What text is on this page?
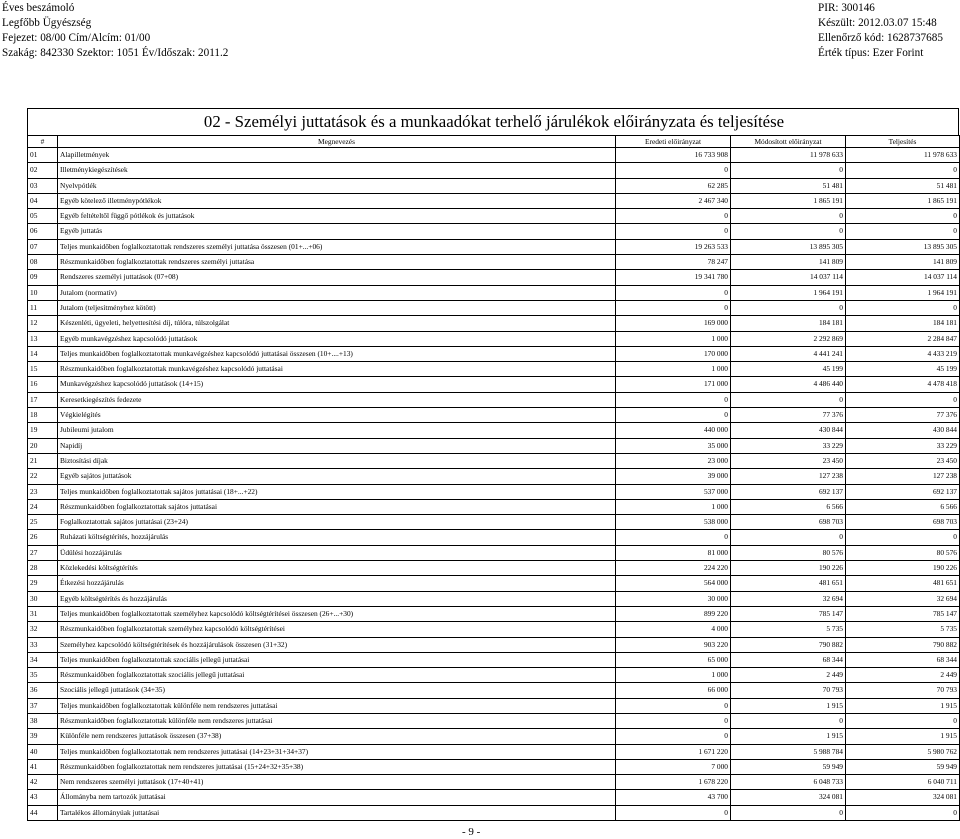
Éves beszámoló
Legfőbb Ügyészség
Fejezet: 08/00 Cím/Alcím: 01/00
Szakág: 842330 Szektor: 1051 Év/Időszak: 2011.2
PIR: 300146
Készült: 2012.03.07 15:48
Ellenőrző kód: 1628737685
Érték típus: Ezer Forint
02 - Személyi juttatások és a munkaadókat terhelő járulékok előirányzata és teljesítése
#	Megnevezés	Eredeti előirányzat	Módosított előirányzat	Teljesítés
01	Alapilletmények	16 733 908	11 978 633	11 978 633
02	Illetménykiegészítések	0	0	0
03	Nyelvpótlék	62 285	51 481	51 481
04	Egyéb kötelező illetménypótlékok	2 467 340	1 865 191	1 865 191
05	Egyéb feltételtől függő pótlékok és juttatások	0	0	0
06	Egyéb juttatás	0	0	0
07	Teljes munkaidőben foglalkoztatottak rendszeres személyi juttatása összesen (01+...+06)	19 263 533	13 895 305	13 895 305
08	Részmunkaidőben foglalkoztatottak rendszeres személyi juttatása	78 247	141 809	141 809
09	Rendszeres személyi juttatások (07+08)	19 341 780	14 037 114	14 037 114
10	Jutalom (normatív)	0	1 964 191	1 964 191
11	Jutalom (teljesítményhez kötött)	0	0	0
12	Készenléti, ügyeleti, helyettesítési díj, túlóra, túlszolgálat	169 000	184 181	184 181
13	Egyéb munkavégzéshez kapcsolódó juttatások	1 000	2 292 869	2 284 847
14	Teljes munkaidőben foglalkoztatottak munkavégzéshez kapcsolódó juttatásai összesen (10+....+13)	170 000	4 441 241	4 433 219
15	Részmunkaidőben foglalkoztatottak munkavégzéshez kapcsolódó juttatásai	1 000	45 199	45 199
16	Munkavégzéshez kapcsolódó juttatások (14+15)	171 000	4 486 440	4 478 418
17	Keresetkiegészítés fedezete	0	0	0
18	Végkielégítés	0	77 376	77 376
19	Jubileumi jutalom	440 000	430 844	430 844
20	Napidíj	35 000	33 229	33 229
21	Biztosítási díjak	23 000	23 450	23 450
22	Egyéb sajátos juttatások	39 000	127 238	127 238
23	Teljes munkaidőben foglalkoztatottak sajátos juttatásai (18+...+22)	537 000	692 137	692 137
24	Részmunkaidőben foglalkoztatottak sajátos juttatásai	1 000	6 566	6 566
25	Foglalkoztatottak sajátos juttatásai (23+24)	538 000	698 703	698 703
26	Ruházati költségtérítés, hozzájárulás	0	0	0
27	Üdülési hozzájárulás	81 000	80 576	80 576
28	Közlekedési költségtérítés	224 220	190 226	190 226
29	Étkezési hozzájárulás	564 000	481 651	481 651
30	Egyéb költségtérítés és hozzájárulás	30 000	32 694	32 694
31	Teljes munkaidőben foglalkoztatottak személyhez kapcsolódó költségtérítései összesen (26+...+30)	899 220	785 147	785 147
32	Részmunkaidőben foglalkoztatottak személyhez kapcsolódó költségtérítései	4 000	5 735	5 735
33	Személyhez kapcsolódó költségtérítések és hozzájárulások összesen (31+32)	903 220	790 882	790 882
34	Teljes munkaidőben foglalkoztatottak szociális jellegű juttatásai	65 000	68 344	68 344
35	Részmunkaidőben foglalkoztatottak szociális jellegű juttatásai	1 000	2 449	2 449
36	Szociális jellegű juttatások (34+35)	66 000	70 793	70 793
37	Teljes munkaidőben foglalkoztatottak különféle nem rendszeres juttatásai	0	1 915	1 915
38	Részmunkaidőben foglalkoztatottak különféle nem rendszeres juttatásai	0	0	0
39	Különféle nem rendszeres juttatások összesen (37+38)	0	1 915	1 915
40	Teljes munkaidőben foglalkoztatottak nem rendszeres juttatásai (14+23+31+34+37)	1 671 220	5 988 784	5 980 762
41	Részmunkaidőben foglalkoztatottak nem rendszeres juttatásai (15+24+32+35+38)	7 000	59 949	59 949
42	Nem rendszeres személyi juttatások (17+40+41)	1 678 220	6 048 733	6 040 711
43	Állományba nem tartozók juttatásai	43 700	324 081	324 081
44	Tartalékos állományúak juttatásai	0	0	0
- 9 -
